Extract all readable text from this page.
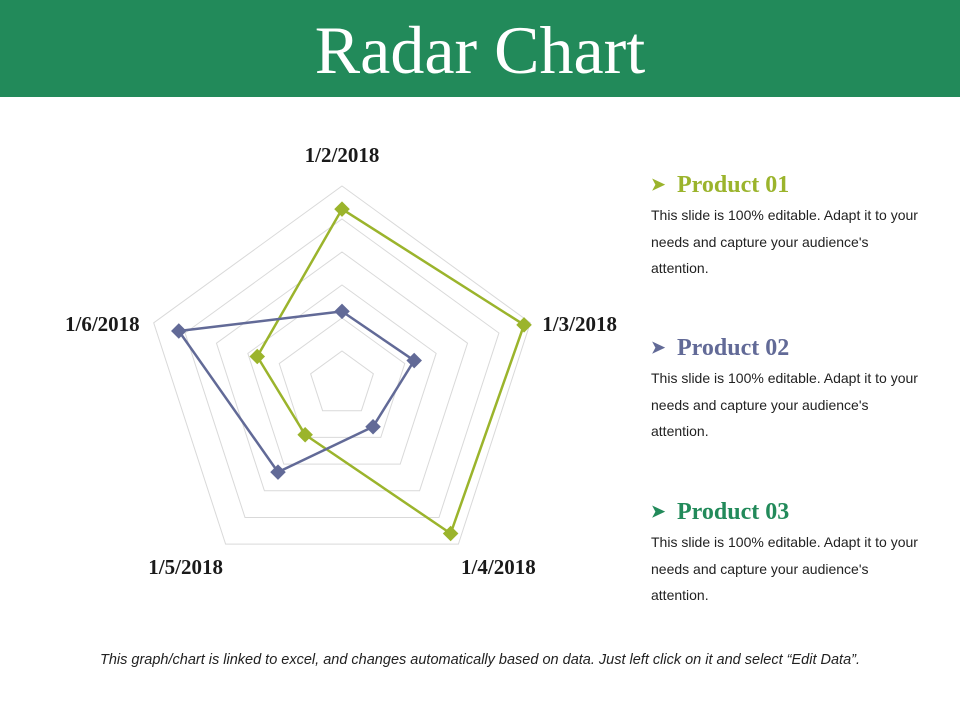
Radar Chart
1/2/2018
1/3/2018
1/4/2018
1/5/2018
1/6/2018

➤ Product 01

This slide is 100% editable. Adapt it to your needs and capture your audience's attention.

➤ Product 02

This slide is 100% editable. Adapt it to your needs and capture your audience's attention.

➤ Product 03

This slide is 100% editable. Adapt it to your needs and capture your audience's attention.

This graph/chart is linked to excel, and changes automatically based on data. Just left click on it and select “Edit Data”.
